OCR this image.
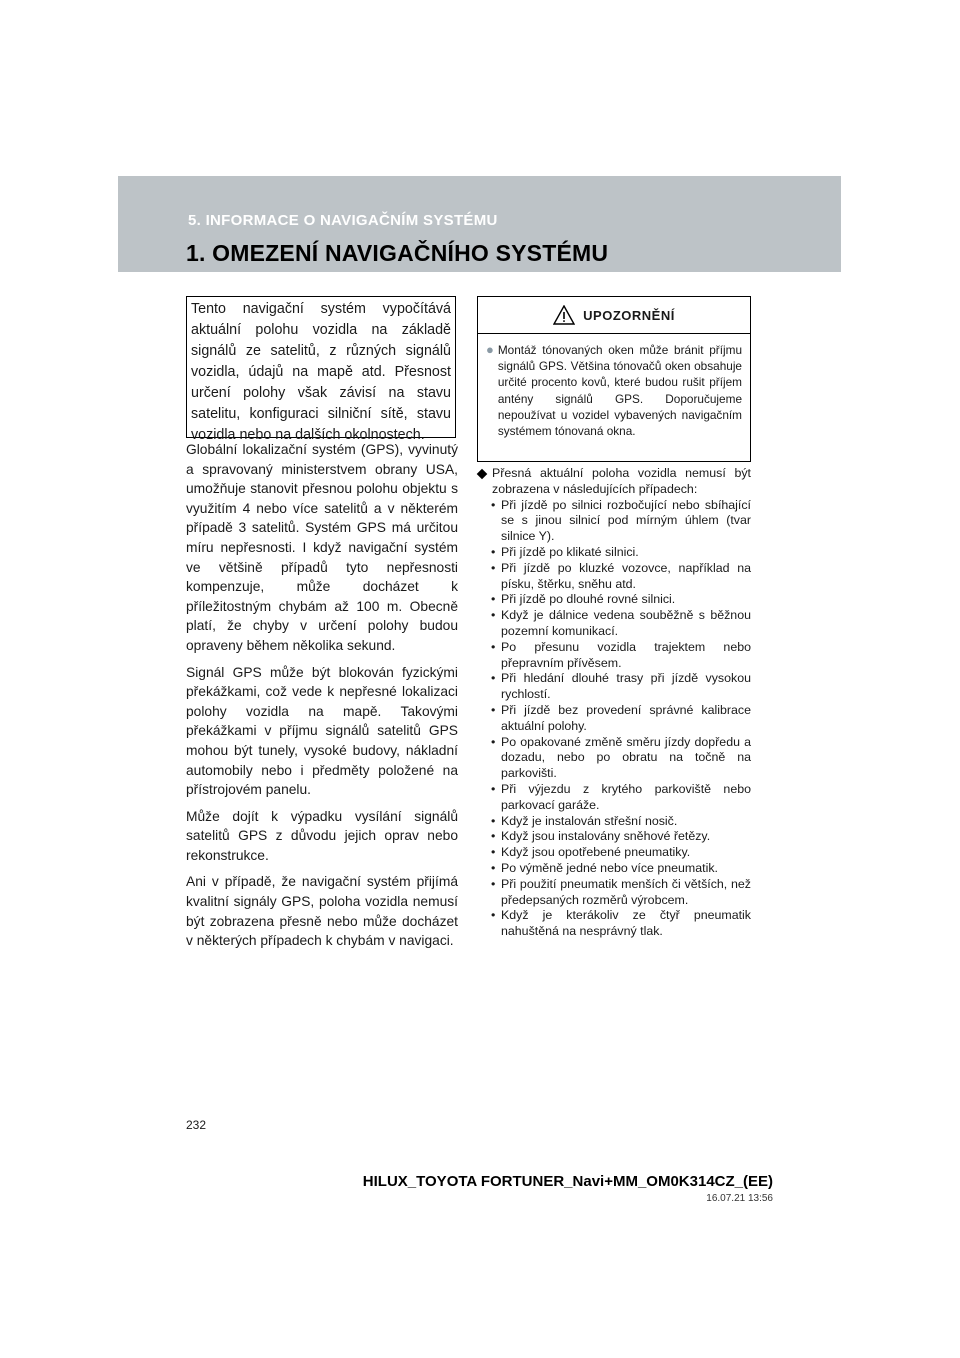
5. INFORMACE O NAVIGAČNÍM SYSTÉMU
1. OMEZENÍ NAVIGAČNÍHO SYSTÉMU
Tento navigační systém vypočítává aktuální polohu vozidla na základě signálů ze satelitů, z různých signálů vozidla, údajů na mapě atd. Přesnost určení polohy však závisí na stavu satelitu, konfiguraci silniční sítě, stavu vozidla nebo na dalších okolnostech.

Globální lokalizační systém (GPS), vyvinutý a spravovaný ministerstvem obrany USA, umožňuje stanovit přesnou polohu objektu s využitím 4 nebo více satelitů a v některém případě 3 satelitů. Systém GPS má určitou míru nepřesnosti. I když navigační systém ve většině případů tyto nepřesnosti kompenzuje, může docházet k příležitostným chybám až 100 m. Obecně platí, že chyby v určení polohy budou opraveny během několika sekund.

Signál GPS může být blokován fyzickými překážkami, což vede k nepřesné lokalizaci polohy vozidla na mapě. Takovými překážkami v příjmu signálů satelitů GPS mohou být tunely, vysoké budovy, nákladní automobily nebo i předměty položené na přístrojovém panelu.

Může dojít k výpadku vysílání signálů satelitů GPS z důvodu jejich oprav nebo rekonstrukce.

Ani v případě, že navigační systém přijímá kvalitní signály GPS, poloha vozidla nemusí být zobrazena přesně nebo může docházet v některých případech k chybám v navigaci.

UPOZORNĚNÍ
● Montáž tónovaných oken může bránit příjmu signálů GPS. Většina tónovačů oken obsahuje určité procento kovů, které budou rušit příjem antény signálů GPS. Doporučujeme nepoužívat u vozidel vybavených navigačním systémem tónovaná okna.
Přesná aktuální poloha vozidla nemusí být zobrazena v následujících případech:
• Při jízdě po silnici rozbočující nebo sbíhající se s jinou silnicí pod mírným úhlem (tvar silnice Y).
• Při jízdě po klikaté silnici.
• Při jízdě po kluzké vozovce, například na písku, štěrku, sněhu atd.
• Při jízdě po dlouhé rovné silnici.
• Když je dálnice vedena souběžně s běžnou pozemní komunikací.
• Po přesunu vozidla trajektem nebo přepravním přívěsem.
• Při hledání dlouhé trasy při jízdě vysokou rychlostí.
• Při jízdě bez provedení správné kalibrace aktuální polohy.
• Po opakované změně směru jízdy dopředu a dozadu, nebo po obratu na točně na parkovišti.
• Při výjezdu z krytého parkoviště nebo parkovací garáže.
• Když je instalován střešní nosič.
• Když jsou instalovány sněhové řetězy.
• Když jsou opotřebené pneumatiky.
• Po výměně jedné nebo více pneumatik.
• Při použití pneumatik menších či větších, než předepsaných rozměrů výrobcem.
• Když je kterákoliv ze čtyř pneumatik nahuštěná na nesprávný tlak.
232
HILUX_TOYOTA FORTUNER_Navi+MM_OM0K314CZ_(EE)
16.07.21 13:56
